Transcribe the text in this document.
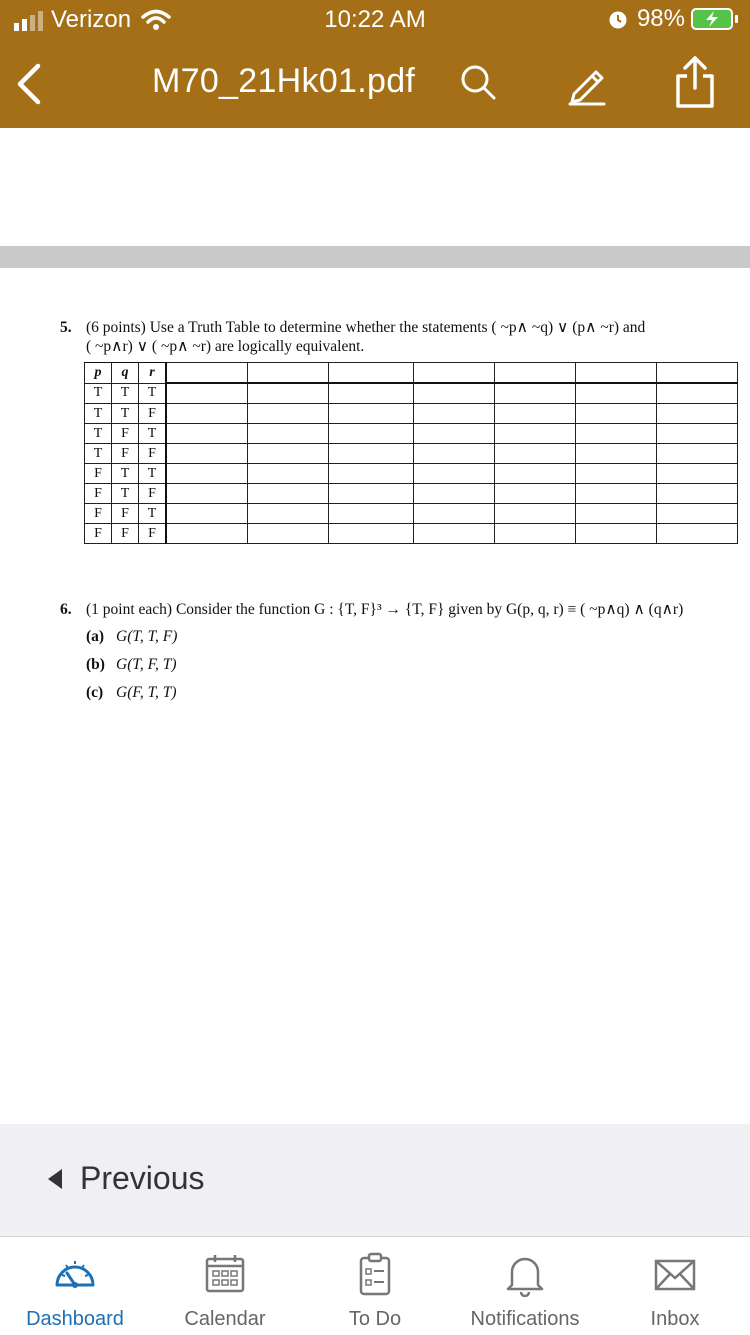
Verizon	10:22 AM	98%
M70_21Hk01.pdf
5. (6 points) Use a Truth Table to determine whether the statements ( ~p∧ ~q) ∨ (p∧ ~r) and
( ~p∧r) ∨ ( ~p∧ ~r) are logically equivalent.
p	q	r							
T	T	T							
T	T	F							
T	F	T							
T	F	F							
F	T	T							
F	T	F							
F	F	T							
F	F	F							
6. (1 point each) Consider the function G : {T, F}³ → {T, F} given by G(p, q, r) ≡ ( ~p∧q) ∧ (q∧r)
(a) G(T, T, F)
(b) G(T, F, T)
(c) G(F, T, T)
Previous
Dashboard	Calendar	To Do	Notifications	Inbox
